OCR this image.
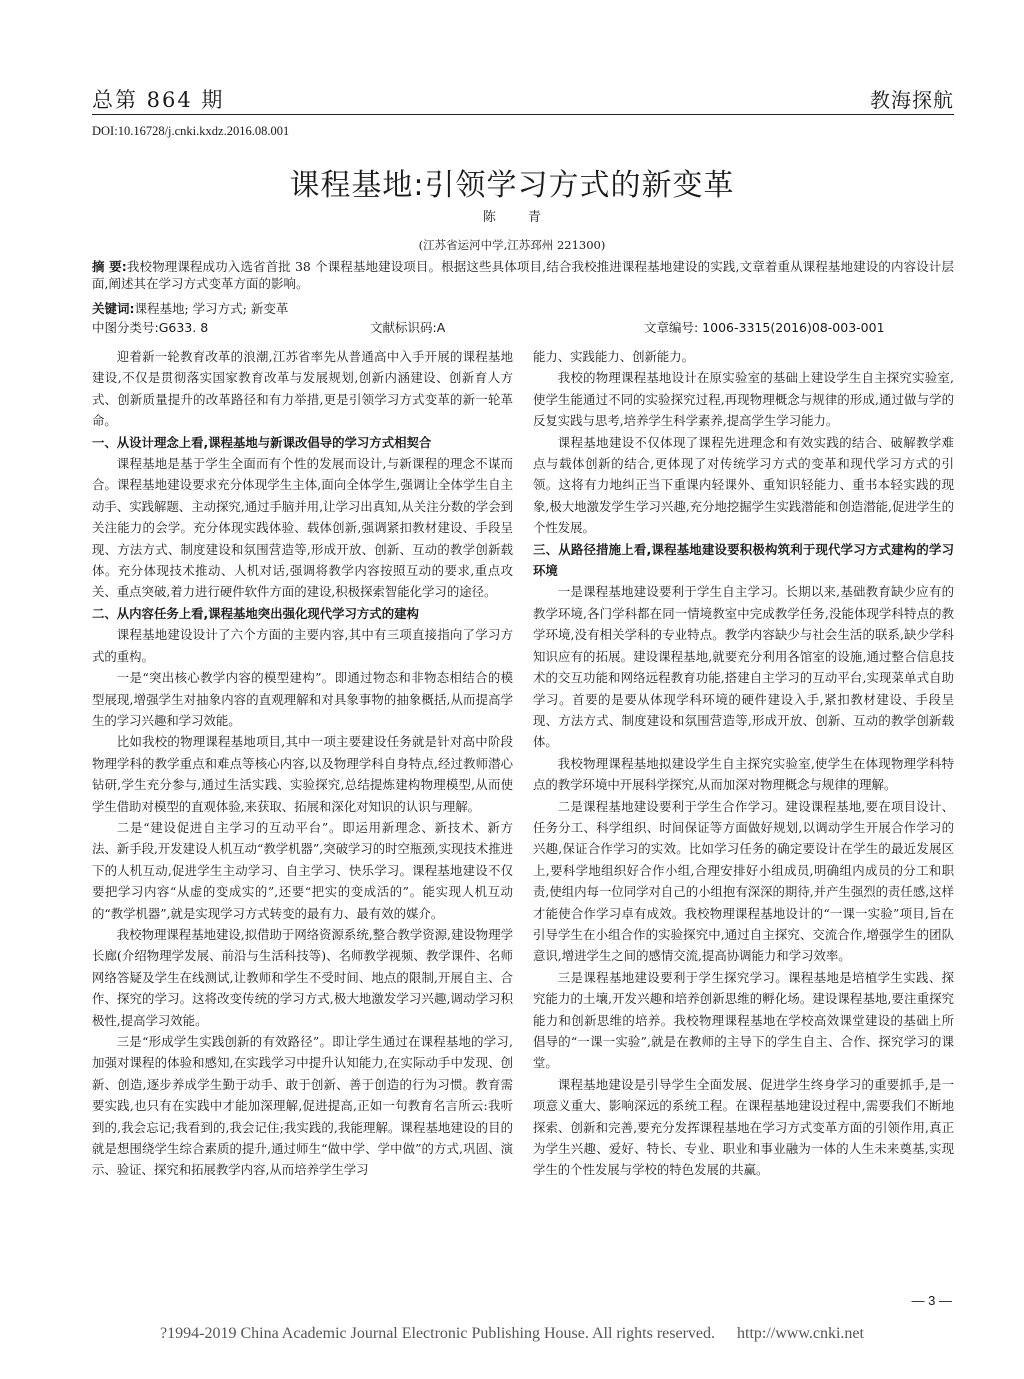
总第 864 期	教海探航
DOI:10.16728/j.cnki.kxdz.2016.08.001
课程基地:引领学习方式的新变革
陈 青
(江苏省运河中学,江苏邳州 221300)
摘 要:我校物理课程成功入选省首批 38 个课程基地建设项目。根据这些具体项目,结合我校推进课程基地建设的实践,文章着重从课程基地建设的内容设计层面,阐述其在学习方式变革方面的影响。
关键词:课程基地; 学习方式; 新变革
中图分类号:G633. 8	文献标识码:A	文章编号: 1006-3315(2016)08-003-001

迎着新一轮教育改革的浪潮,江苏省率先从普通高中入手开展的课程基地建设,不仅是贯彻落实国家教育改革与发展规划,创新内涵建设、创新育人方式、创新质量提升的改革路径和有力举措,更是引领学习方式变革的新一轮革命。

一、从设计理念上看,课程基地与新课改倡导的学习方式相契合

课程基地是基于学生全面而有个性的发展而设计,与新课程的理念不谋而合。课程基地建设要求充分体现学生主体,面向全体学生,强调让全体学生自主动手、实践解题、主动探究,通过手脑并用,让学习出真知,从关注分数的学会到关注能力的会学。充分体现实践体验、载体创新,强调紧扣教材建设、手段呈现、方法方式、制度建设和氛围营造等,形成开放、创新、互动的教学创新载体。充分体现技术推动、人机对话,强调将教学内容按照互动的要求,重点攻关、重点突破,着力进行硬件软件方面的建设,积极探索智能化学习的途径。

二、从内容任务上看,课程基地突出强化现代学习方式的建构

课程基地建设设计了六个方面的主要内容,其中有三项直接指向了学习方式的重构。

一是“突出核心教学内容的模型建构”。即通过物态和非物态相结合的模型展现,增强学生对抽象内容的直观理解和对具象事物的抽象概括,从而提高学生的学习兴趣和学习效能。

比如我校的物理课程基地项目,其中一项主要建设任务就是针对高中阶段物理学科的教学重点和难点等核心内容,以及物理学科自身特点,经过教师潜心钻研,学生充分参与,通过生活实践、实验探究,总结提炼建构物理模型,从而使学生借助对模型的直观体验,来获取、拓展和深化对知识的认识与理解。

二是“建设促进自主学习的互动平台”。即运用新理念、新技术、新方法、新手段,开发建设人机互动“教学机器”,突破学习的时空瓶颈,实现技术推进下的人机互动,促进学生主动学习、自主学习、快乐学习。课程基地建设不仅要把学习内容“从虚的变成实的”,还要“把实的变成活的”。能实现人机互动的“教学机器”,就是实现学习方式转变的最有力、最有效的媒介。

我校物理课程基地建设,拟借助于网络资源系统,整合教学资源,建设物理学长廊(介绍物理学发展、前沿与生活科技等)、名师教学视频、教学课件、名师网络答疑及学生在线测试,让教师和学生不受时间、地点的限制,开展自主、合作、探究的学习。这将改变传统的学习方式,极大地激发学习兴趣,调动学习积极性,提高学习效能。

三是“形成学生实践创新的有效路径”。即让学生通过在课程基地的学习,加强对课程的体验和感知,在实践学习中提升认知能力,在实际动手中发现、创新、创造,逐步养成学生勤于动手、敢于创新、善于创造的行为习惯。教育需要实践,也只有在实践中才能加深理解,促进提高,正如一句教育名言所云:我听到的,我会忘记;我看到的,我会记住;我实践的,我能理解。课程基地建设的目的就是想围绕学生综合素质的提升,通过师生“做中学、学中做”的方式,巩固、演示、验证、探究和拓展教学内容,从而培养学生学习

能力、实践能力、创新能力。

我校的物理课程基地设计在原实验室的基础上建设学生自主探究实验室,使学生能通过不同的实验探究过程,再现物理概念与规律的形成,通过做与学的反复实践与思考,培养学生科学素养,提高学生学习能力。

课程基地建设不仅体现了课程先进理念和有效实践的结合、破解教学难点与载体创新的结合,更体现了对传统学习方式的变革和现代学习方式的引领。这将有力地纠正当下重课内轻课外、重知识轻能力、重书本轻实践的现象,极大地激发学生学习兴趣,充分地挖掘学生实践潜能和创造潜能,促进学生的个性发展。

三、从路径措施上看,课程基地建设要积极构筑利于现代学习方式建构的学习环境

一是课程基地建设要利于学生自主学习。长期以来,基础教育缺少应有的教学环境,各门学科都在同一情境教室中完成教学任务,没能体现学科特点的教学环境,没有相关学科的专业特点。教学内容缺少与社会生活的联系,缺少学科知识应有的拓展。建设课程基地,就要充分利用各馆室的设施,通过整合信息技术的交互功能和网络远程教育功能,搭建自主学习的互动平台,实现菜单式自助学习。首要的是要从体现学科环境的硬件建设入手,紧扣教材建设、手段呈现、方法方式、制度建设和氛围营造等,形成开放、创新、互动的教学创新载体。

我校物理课程基地拟建设学生自主探究实验室,使学生在体现物理学科特点的教学环境中开展科学探究,从而加深对物理概念与规律的理解。

二是课程基地建设要利于学生合作学习。建设课程基地,要在项目设计、任务分工、科学组织、时间保证等方面做好规划,以调动学生开展合作学习的兴趣,保证合作学习的实效。比如学习任务的确定要设计在学生的最近发展区上,要科学地组织好合作小组,合理安排好小组成员,明确组内成员的分工和职责,使组内每一位同学对自己的小组抱有深深的期待,并产生强烈的责任感,这样才能使合作学习卓有成效。我校物理课程基地设计的“一课一实验”项目,旨在引导学生在小组合作的实验探究中,通过自主探究、交流合作,增强学生的团队意识,增进学生之间的感情交流,提高协调能力和学习效率。

三是课程基地建设要利于学生探究学习。课程基地是培植学生实践、探究能力的土壤,开发兴趣和培养创新思维的孵化场。建设课程基地,要注重探究能力和创新思维的培养。我校物理课程基地在学校高效课堂建设的基础上所倡导的“一课一实验”,就是在教师的主导下的学生自主、合作、探究学习的课堂。

课程基地建设是引导学生全面发展、促进学生终身学习的重要抓手,是一项意义重大、影响深远的系统工程。在课程基地建设过程中,需要我们不断地探索、创新和完善,要充分发挥课程基地在学习方式变革方面的引领作用,真正为学生兴趣、爱好、特长、专业、职业和事业融为一体的人生未来奠基,实现学生的个性发展与学校的特色发展的共赢。

— 3 —
?1994-2019 China Academic Journal Electronic Publishing House. All rights reserved. http://www.cnki.net
